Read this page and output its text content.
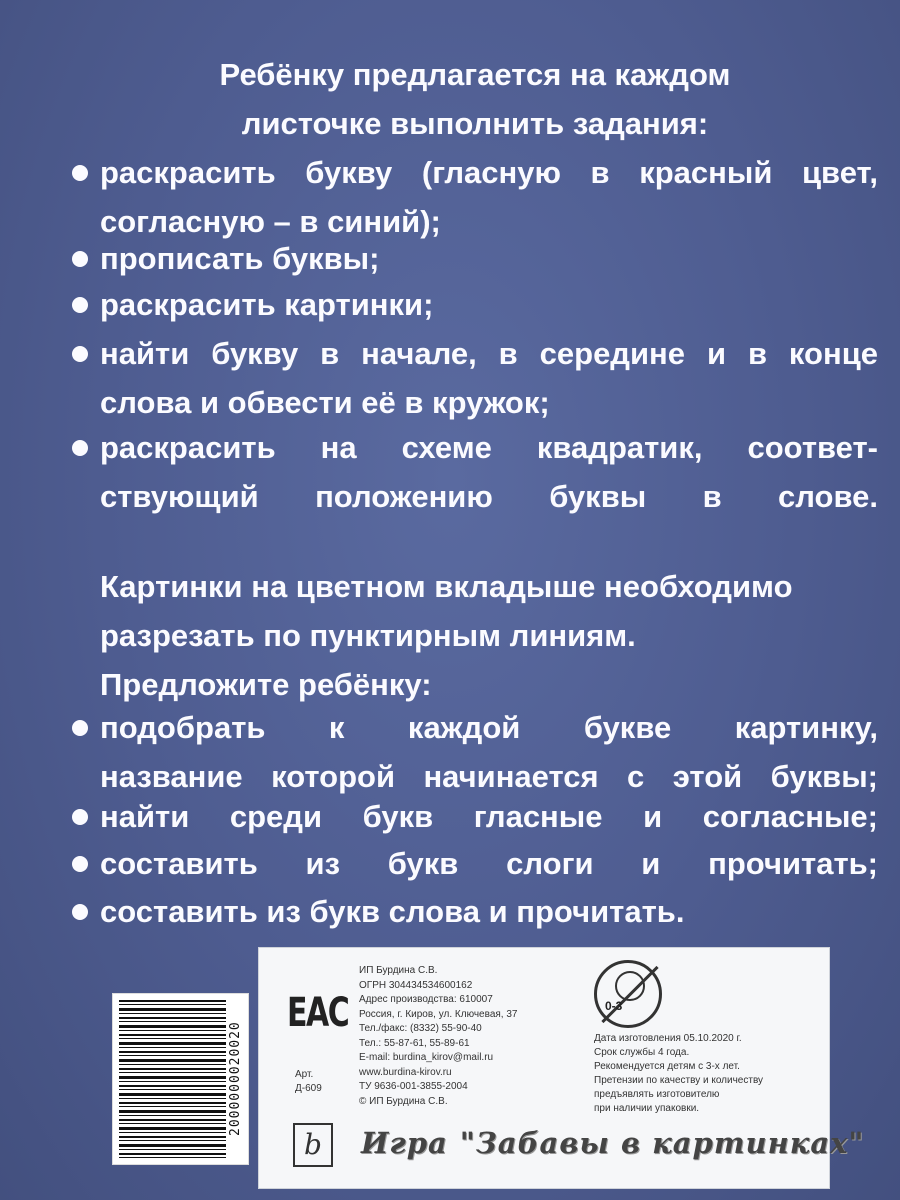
Ребёнку предлагается на каждом
листочке выполнить задания:
раскрасить букву (гласную в красный цвет,
согласную – в синий);
прописать буквы;
раскрасить картинки;
найти букву в начале, в середине и в конце
слова и обвести её в кружок;
раскрасить на схеме квадратик, соответ-
ствующий положению буквы в слове.
Картинки на цветном вкладыше необходимо
разрезать по пунктирным линиям.
Предложите ребёнку:
подобрать к каждой букве картинку,
название которой начинается с этой буквы;
найти среди букв гласные и согласные;
составить из букв слоги и прочитать;
составить из букв слова и прочитать.
2000000020020
EAC
Арт.
Д-609
ИП Бурдина С.В.
ОГРН 304434534600162
Адрес производства: 610007
Россия, г. Киров, ул. Ключевая, 37
Тел./факс: (8332) 55-90-40
Тел.: 55-87-61, 55-89-61
E-mail: burdina_kirov@mail.ru
www.burdina-kirov.ru
ТУ 9636-001-3855-2004
© ИП Бурдина С.В.
0-3
Дата изготовления 05.10.2020 г.
Срок службы 4 года.
Рекомендуется детям с 3-х лет.
Претензии по качеству и количеству
предъявлять изготовителю
при наличии упаковки.
b	Игра "Забавы в картинках"
